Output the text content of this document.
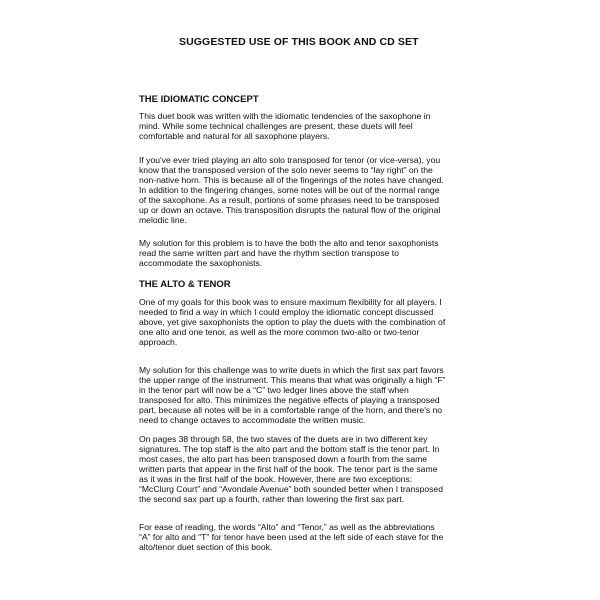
SUGGESTED USE OF THIS BOOK AND CD SET
THE IDIOMATIC CONCEPT

This duet book was written with the idiomatic tendencies of the saxophone in
mind. While some technical challenges are present, these duets will feel
comfortable and natural for all saxophone players.

If you've ever tried playing an alto solo transposed for tenor (or vice-versa), you
know that the transposed version of the solo never seems to “lay right” on the
non-native horn. This is because all of the fingerings of the notes have changed.
In addition to the fingering changes, some notes will be out of the normal range
of the saxophone. As a result, portions of some phrases need to be transposed
up or down an octave. This transposition disrupts the natural flow of the original
melodic line.

My solution for this problem is to have the both the alto and tenor saxophonists
read the same written part and have the rhythm section transpose to
accommodate the saxophonists.

THE ALTO & TENOR

One of my goals for this book was to ensure maximum flexibility for all players. I
needed to find a way in which I could employ the idiomatic concept discussed
above, yet give saxophonists the option to play the duets with the combination of
one alto and one tenor, as well as the more common two-alto or two-tenor
approach.

My solution for this challenge was to write duets in which the first sax part favors
the upper range of the instrument. This means that what was originally a high “F”
in the tenor part will now be a “C” two ledger lines above the staff when
transposed for alto. This minimizes the negative effects of playing a transposed
part, because all notes will be in a comfortable range of the horn, and there's no
need to change octaves to accommodate the written music.

On pages 38 through 58, the two staves of the duets are in two different key
signatures. The top staff is the alto part and the bottom staff is the tenor part. In
most cases, the alto part has been transposed down a fourth from the same
written parts that appear in the first half of the book. The tenor part is the same
as it was in the first half of the book. However, there are two exceptions:
“McClurg Court” and “Avondale Avenue” both sounded better when I transposed
the second sax part up a fourth, rather than lowering the first sax part.

For ease of reading, the words “Alto” and “Tenor,” as well as the abbreviations
“A” for alto and “T” for tenor have been used at the left side of each stave for the
alto/tenor duet section of this book.
